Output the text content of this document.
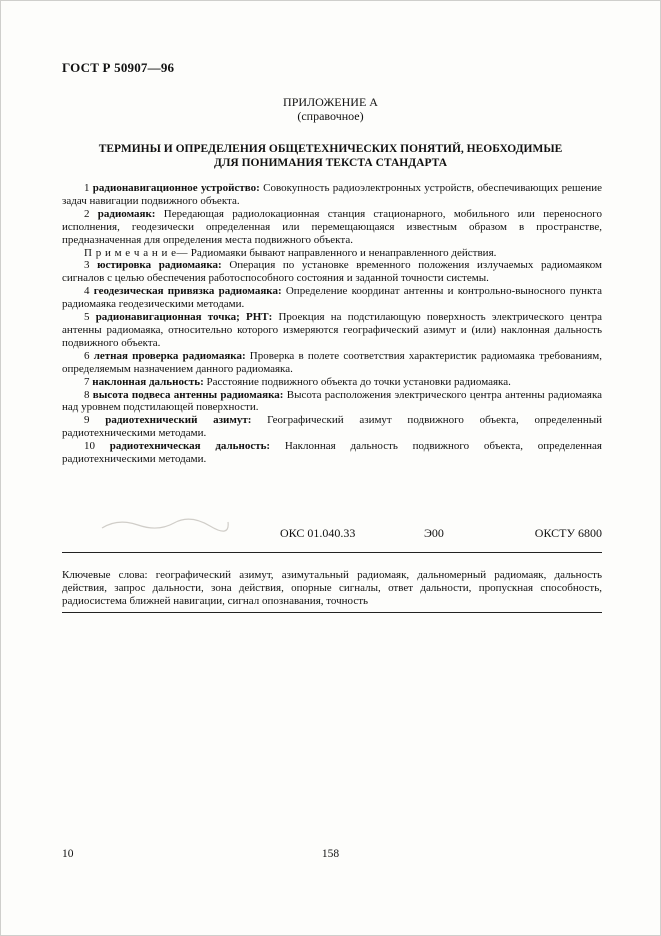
ГОСТ Р 50907—96
ПРИЛОЖЕНИЕ А
(справочное)
ТЕРМИНЫ И ОПРЕДЕЛЕНИЯ ОБЩЕТЕХНИЧЕСКИХ ПОНЯТИЙ, НЕОБХОДИМЫЕ
ДЛЯ ПОНИМАНИЯ ТЕКСТА СТАНДАРТА

1 радионавигационное устройство: Совокупность радиоэлектронных устройств, обеспечивающих решение задач навигации подвижного объекта.

2 радиомаяк: Передающая радиолокационная станция стационарного, мобильного или переносного исполнения, геодезически определенная или перемещающаяся известным образом в пространстве, предназначенная для определения места подвижного объекта.

П р и м е ч а н и е— Радиомаяки бывают направленного и ненаправленного действия.

3 юстировка радиомаяка: Операция по установке временного положения излучаемых радиомаяком сигналов с целью обеспечения работоспособного состояния и заданной точности системы.

4 геодезическая привязка радиомаяка: Определение координат антенны и контрольно-выносного пункта радиомаяка геодезическими методами.

5 радионавигационная точка; РНТ: Проекция на подстилающую поверхность электрического центра антенны радиомаяка, относительно которого измеряются географический азимут и (или) наклонная дальность подвижного объекта.

6 летная проверка радиомаяка: Проверка в полете соответствия характеристик радиомаяка требованиям, определяемым назначением данного радиомаяка.

7 наклонная дальность: Расстояние подвижного объекта до точки установки радиомаяка.

8 высота подвеса антенны радиомаяка: Высота расположения электрического центра антенны радиомаяка над уровнем подстилающей поверхности.

9 радиотехнический азимут: Географический азимут подвижного объекта, определенный радиотехническими методами.

10 радиотехническая дальность: Наклонная дальность подвижного объекта, определенная радиотехническими методами.

ОКС 01.040.33	Э00	ОКСТУ 6800

Ключевые слова: географический азимут, азимутальный радиомаяк, дальномерный радиомаяк, дальность действия, запрос дальности, зона действия, опорные сигналы, ответ дальности, пропускная способность, радиосистема ближней навигации, сигнал опознавания, точность

10	158
